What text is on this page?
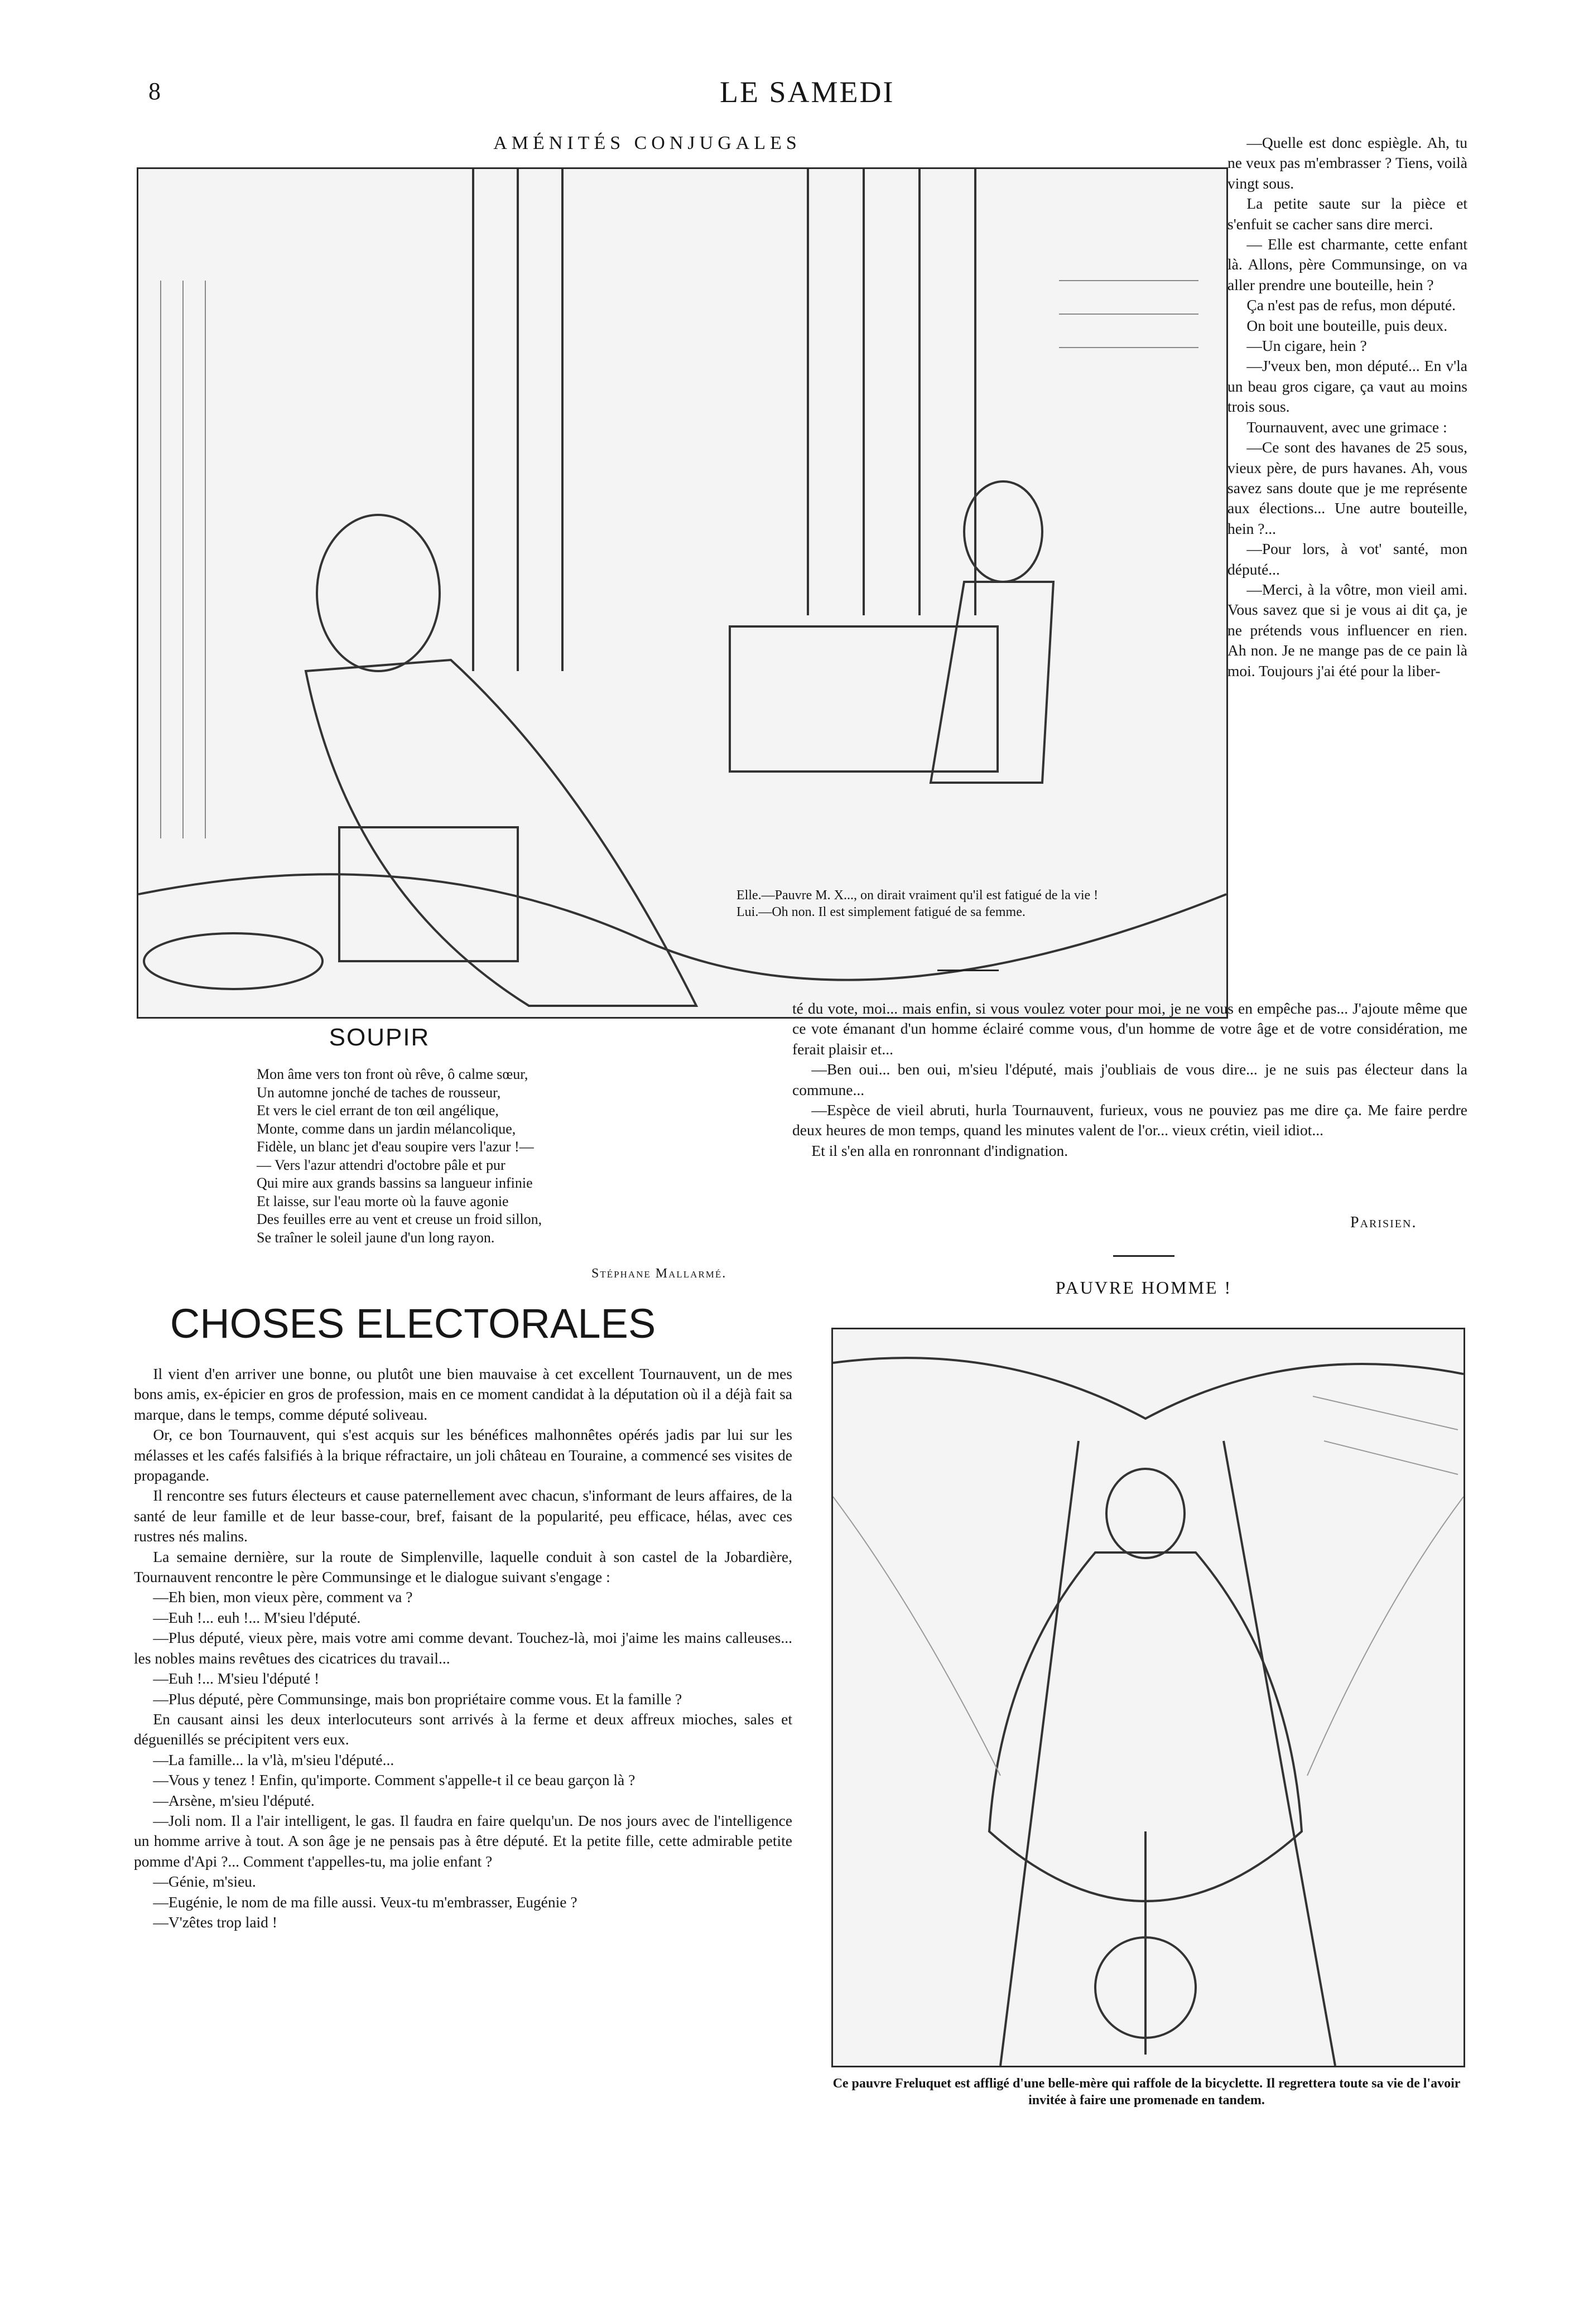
8	LE SAMEDI
AMÉNITÉS CONJUGALES
Elle.—Pauvre M. X..., on dirait vraiment qu'il est fatigué de la vie !
Lui.—Oh non. Il est simplement fatigué de sa femme.

—Quelle est donc espiègle. Ah, tu ne veux pas m'embrasser ? Tiens, voilà vingt sous.

La petite saute sur la pièce et s'enfuit se cacher sans dire merci.

— Elle est charmante, cette enfant là. Allons, père Communsinge, on va aller prendre une bouteille, hein ?

Ça n'est pas de refus, mon député.

On boit une bouteille, puis deux.

—Un cigare, hein ?

—J'veux ben, mon député... En v'la un beau gros cigare, ça vaut au moins trois sous.

Tournauvent, avec une grimace :

—Ce sont des havanes de 25 sous, vieux père, de purs havanes. Ah, vous savez sans doute que je me représente aux élections... Une autre bouteille, hein ?...

—Pour lors, à vot' santé, mon député...

—Merci, à la vôtre, mon vieil ami. Vous savez que si je vous ai dit ça, je ne prétends vous influencer en rien. Ah non. Je ne mange pas de ce pain là moi. Toujours j'ai été pour la liber-

té du vote, moi... mais enfin, si vous voulez voter pour moi, je ne vous en empêche pas... J'ajoute même que ce vote émanant d'un homme éclairé comme vous, d'un homme de votre âge et de votre considération, me ferait plaisir et...

—Ben oui... ben oui, m'sieu l'député, mais j'oubliais de vous dire... je ne suis pas électeur dans la commune...

—Espèce de vieil abruti, hurla Tournauvent, furieux, vous ne pouviez pas me dire ça. Me faire perdre deux heures de mon temps, quand les minutes valent de l'or... vieux crétin, vieil idiot...

Et il s'en alla en ronronnant d'indignation.

Parisien.
SOUPIR
Mon âme vers ton front où rêve, ô calme sœur,
Un automne jonché de taches de rousseur,
Et vers le ciel errant de ton œil angélique,
Monte, comme dans un jardin mélancolique,
Fidèle, un blanc jet d'eau soupire vers l'azur !—
— Vers l'azur attendri d'octobre pâle et pur
Qui mire aux grands bassins sa langueur infinie
Et laisse, sur l'eau morte où la fauve agonie
Des feuilles erre au vent et creuse un froid sillon,
Se traîner le soleil jaune d'un long rayon.
Stéphane Mallarmé.
CHOSES ELECTORALES

Il vient d'en arriver une bonne, ou plutôt une bien mauvaise à cet excellent Tournauvent, un de mes bons amis, ex-épicier en gros de profession, mais en ce moment candidat à la députation où il a déjà fait sa marque, dans le temps, comme député soliveau.

Or, ce bon Tournauvent, qui s'est acquis sur les bénéfices malhonnêtes opérés jadis par lui sur les mélasses et les cafés falsifiés à la brique réfractaire, un joli château en Touraine, a commencé ses visites de propagande.

Il rencontre ses futurs électeurs et cause paternellement avec chacun, s'informant de leurs affaires, de la santé de leur famille et de leur basse-cour, bref, faisant de la popularité, peu efficace, hélas, avec ces rustres nés malins.

La semaine dernière, sur la route de Simplenville, laquelle conduit à son castel de la Jobardière, Tournauvent rencontre le père Communsinge et le dialogue suivant s'engage :

—Eh bien, mon vieux père, comment va ?

—Euh !... euh !... M'sieu l'député.

—Plus député, vieux père, mais votre ami comme devant. Touchez-là, moi j'aime les mains calleuses... les nobles mains revêtues des cicatrices du travail...

—Euh !... M'sieu l'député !

—Plus député, père Communsinge, mais bon propriétaire comme vous. Et la famille ?

En causant ainsi les deux interlocuteurs sont arrivés à la ferme et deux affreux mioches, sales et déguenillés se précipitent vers eux.

—La famille... la v'là, m'sieu l'député...

—Vous y tenez ! Enfin, qu'importe. Comment s'appelle-t il ce beau garçon là ?

—Arsène, m'sieu l'député.

—Joli nom. Il a l'air intelligent, le gas. Il faudra en faire quelqu'un. De nos jours avec de l'intelligence un homme arrive à tout. A son âge je ne pensais pas à être député. Et la petite fille, cette admirable petite pomme d'Api ?... Comment t'appelles-tu, ma jolie enfant ?

—Génie, m'sieu.

—Eugénie, le nom de ma fille aussi. Veux-tu m'embrasser, Eugénie ?

—V'zêtes trop laid !

PAUVRE HOMME !
Ce pauvre Freluquet est affligé d'une belle-mère qui raffole de la bicyclette. Il regrettera toute sa vie de l'avoir invitée à faire une promenade en tandem.
